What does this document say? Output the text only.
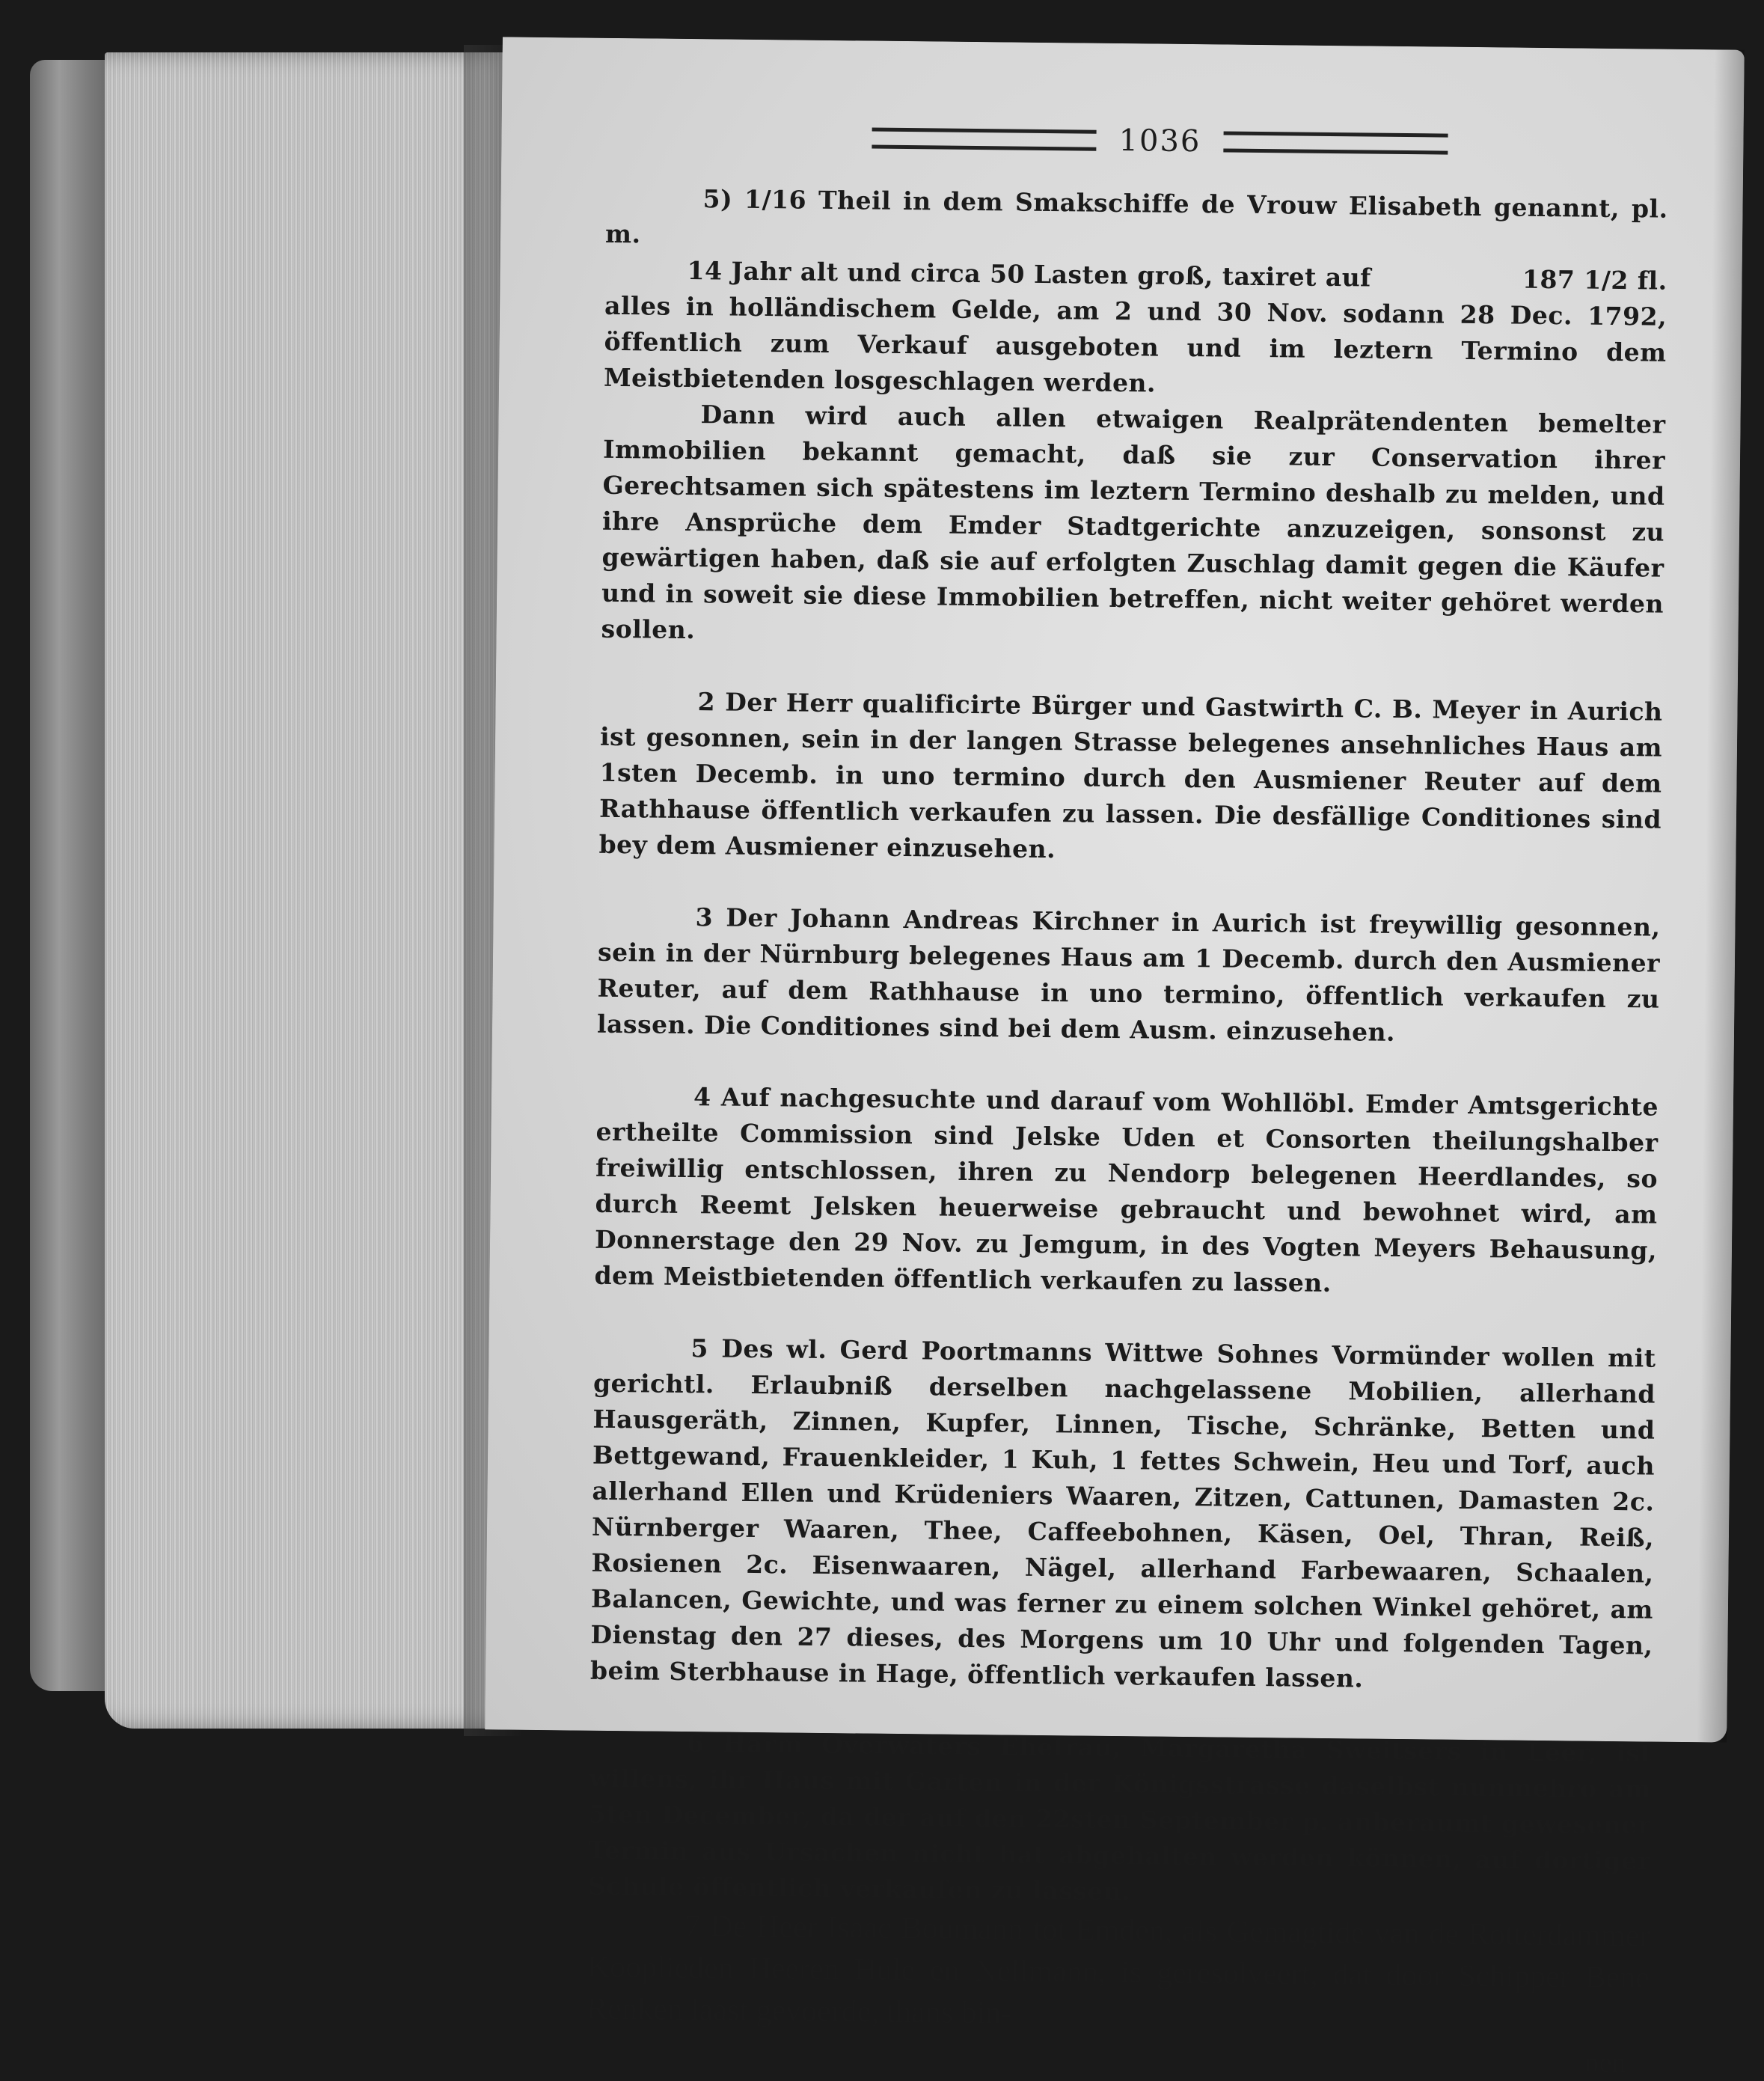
1036

5) 1/16 Theil in dem Smakschiffe de Vrouw Elisabeth genannt, pl. m.

14 Jahr alt und circa 50 Lasten groß, taxiret auf	187 1/2 fl.

alles in holländischem Gelde, am 2 und 30 Nov. sodann 28 Dec. 1792, öffentlich zum Verkauf ausgeboten und im leztern Termino dem Meistbietenden losgeschlagen werden.

Dann wird auch allen etwaigen Realprätendenten bemelter Immobilien bekannt gemacht, daß sie zur Conservation ihrer Gerechtsamen sich spätestens im leztern Termino deshalb zu melden, und ihre Ansprüche dem Emder Stadtgerichte anzuzeigen, sonsonst zu gewärtigen haben, daß sie auf erfolgten Zuschlag damit gegen die Käufer und in soweit sie diese Immobilien betreffen, nicht weiter gehöret werden sollen.

2 Der Herr qualificirte Bürger und Gastwirth C. B. Meyer in Aurich ist gesonnen, sein in der langen Strasse belegenes ansehnliches Haus am 1sten Decemb. in uno termino durch den Ausmiener Reuter auf dem Rathhause öffentlich verkaufen zu lassen. Die desfällige Conditiones sind bey dem Ausmiener einzusehen.

3 Der Johann Andreas Kirchner in Aurich ist freywillig gesonnen, sein in der Nürnburg belegenes Haus am 1 Decemb. durch den Ausmiener Reuter, auf dem Rathhause in uno termino, öffentlich verkaufen zu lassen. Die Conditiones sind bei dem Ausm. einzusehen.

4 Auf nachgesuchte und darauf vom Wohllöbl. Emder Amtsgerichte ertheilte Commission sind Jelske Uden et Consorten theilungshalber freiwillig entschlossen, ihren zu Nendorp belegenen Heerdlandes, so durch Reemt Jelsken heuerweise gebraucht und bewohnet wird, am Donnerstage den 29 Nov. zu Jemgum, in des Vogten Meyers Behausung, dem Meistbietenden öffentlich verkaufen zu lassen.

5 Des wl. Gerd Poortmanns Wittwe Sohnes Vormünder wollen mit gerichtl. Erlaubniß derselben nachgelassene Mobilien, allerhand Hausgeräth, Zinnen, Kupfer, Linnen, Tische, Schränke, Betten und Bettgewand, Frauenkleider, 1 Kuh, 1 fettes Schwein, Heu und Torf, auch allerhand Ellen und Krüdeniers Waaren, Zitzen, Cattunen, Damasten 2c. Nürnberger Waaren, Thee, Caffeebohnen, Käsen, Oel, Thran, Reiß, Rosienen 2c. Eisenwaaren, Nägel, allerhand Farbewaaren, Schaalen, Balancen, Gewichte, und was ferner zu einem solchen Winkel gehöret, am Dienstag den 27 dieses, des Morgens um 10 Uhr und folgenden Tagen, beim Sterbhause in Hage, öffentlich verkaufen lassen.

6 Harm Overwaters Ehefrau, Margaretha Sweitsers in Leer, ist willens, ihr Haus mit Garten in der Königsstrasse daselbst nunmehro am 5ten December, da der auf den 22sten September p. anberaumt gewesener Termin aus Ursachen nicht hat abgehalten werden können, auf dortiger Schule öffentlich verkaufen zu lassen.

7 De Heer Isaac Boumann tot Emden, als Gemagtide van de Rotterdammer Kooplieden Heeren Hule en Nellmann, is geresolveert, dat door Schipper Bene Renken laast gevoerde, thans bin-

nen
